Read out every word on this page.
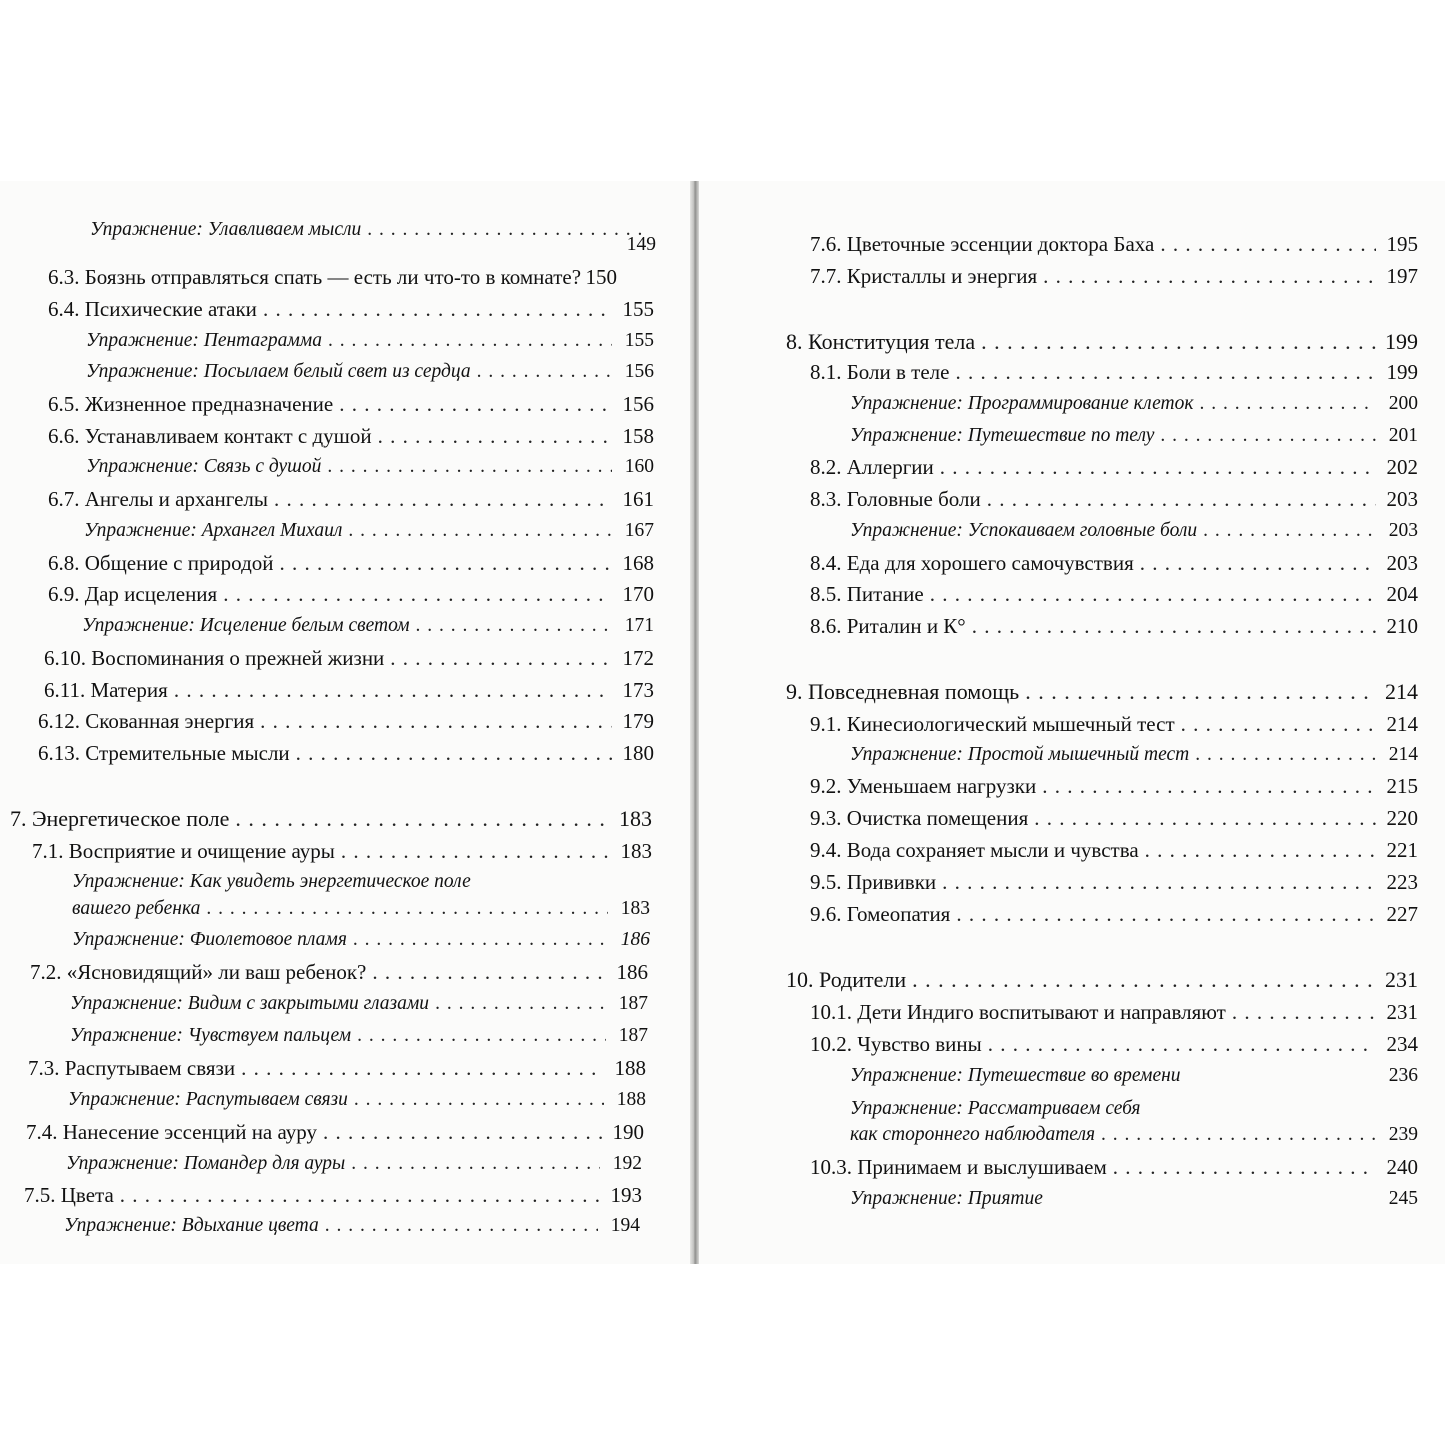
Упражнение: Улавливаем мысли
. . .
149
6.3. Боязнь отправляться спать — есть ли что-то в комнате? 150
6.4. Психические атаки . . .	155
Упражнение: Пентаграмма . . .	155
Упражнение: Посылаем белый свет из сердца . . .	156
6.5. Жизненное предназначение . . .	156
6.6. Устанавливаем контакт с душой . . .	158
Упражнение: Связь с душой . . .	160
6.7. Ангелы и архангелы . . .	161
Упражнение: Архангел Михаил . . .	167
6.8. Общение с природой . . .	168
6.9. Дар исцеления . . .	170
Упражнение: Исцеление белым светом . . .	171
6.10. Воспоминания о прежней жизни . . .	172
6.11. Материя . . .	173
6.12. Скованная энергия . . .	179
6.13. Стремительные мысли . . .	180
7. Энергетическое поле . . .	183
7.1. Восприятие и очищение ауры . . .	183
Упражнение: Как увидеть энергетическое поле
вашего ребенка . . .	183
Упражнение: Фиолетовое пламя . . .	186
7.2. «Ясновидящий» ли ваш ребенок? . . .	186
Упражнение: Видим с закрытыми глазами . . .	187
Упражнение: Чувствуем пальцем . . .	187
7.3. Распутываем связи . . .	188
Упражнение: Распутываем связи . . .	188
7.4. Нанесение эссенций на ауру . . .	190
Упражнение: Помандер для ауры . . .	192
7.5. Цвета . . .	193
Упражнение: Вдыхание цвета . . .	194
7.6. Цветочные эссенции доктора Баха . . .	195
7.7. Кристаллы и энергия . . .	197
8. Конституция тела . . .	199
8.1. Боли в теле . . .	199
Упражнение: Программирование клеток . . .	200
Упражнение: Путешествие по телу . . .	201
8.2. Аллергии . . .	202
8.3. Головные боли . . .	203
Упражнение: Успокаиваем головные боли . . .	203
8.4. Еда для хорошего самочувствия . . .	203
8.5. Питание . . .	204
8.6. Риталин и К° . . .	210
9. Повседневная помощь . . .	214
9.1. Кинесиологический мышечный тест . . .	214
Упражнение: Простой мышечный тест . . .	214
9.2. Уменьшаем нагрузки . . .	215
9.3. Очистка помещения . . .	220
9.4. Вода сохраняет мысли и чувства . . .	221
9.5. Прививки . . .	223
9.6. Гомеопатия . . .	227
10. Родители . . .	231
10.1. Дети Индиго воспитывают и направляют . . .	231
10.2. Чувство вины . . .	234
Упражнение: Путешествие во времени	236
Упражнение: Рассматриваем себя
как стороннего наблюдателя . . .	239
10.3. Принимаем и выслушиваем . . .	240
Упражнение: Приятие	245
